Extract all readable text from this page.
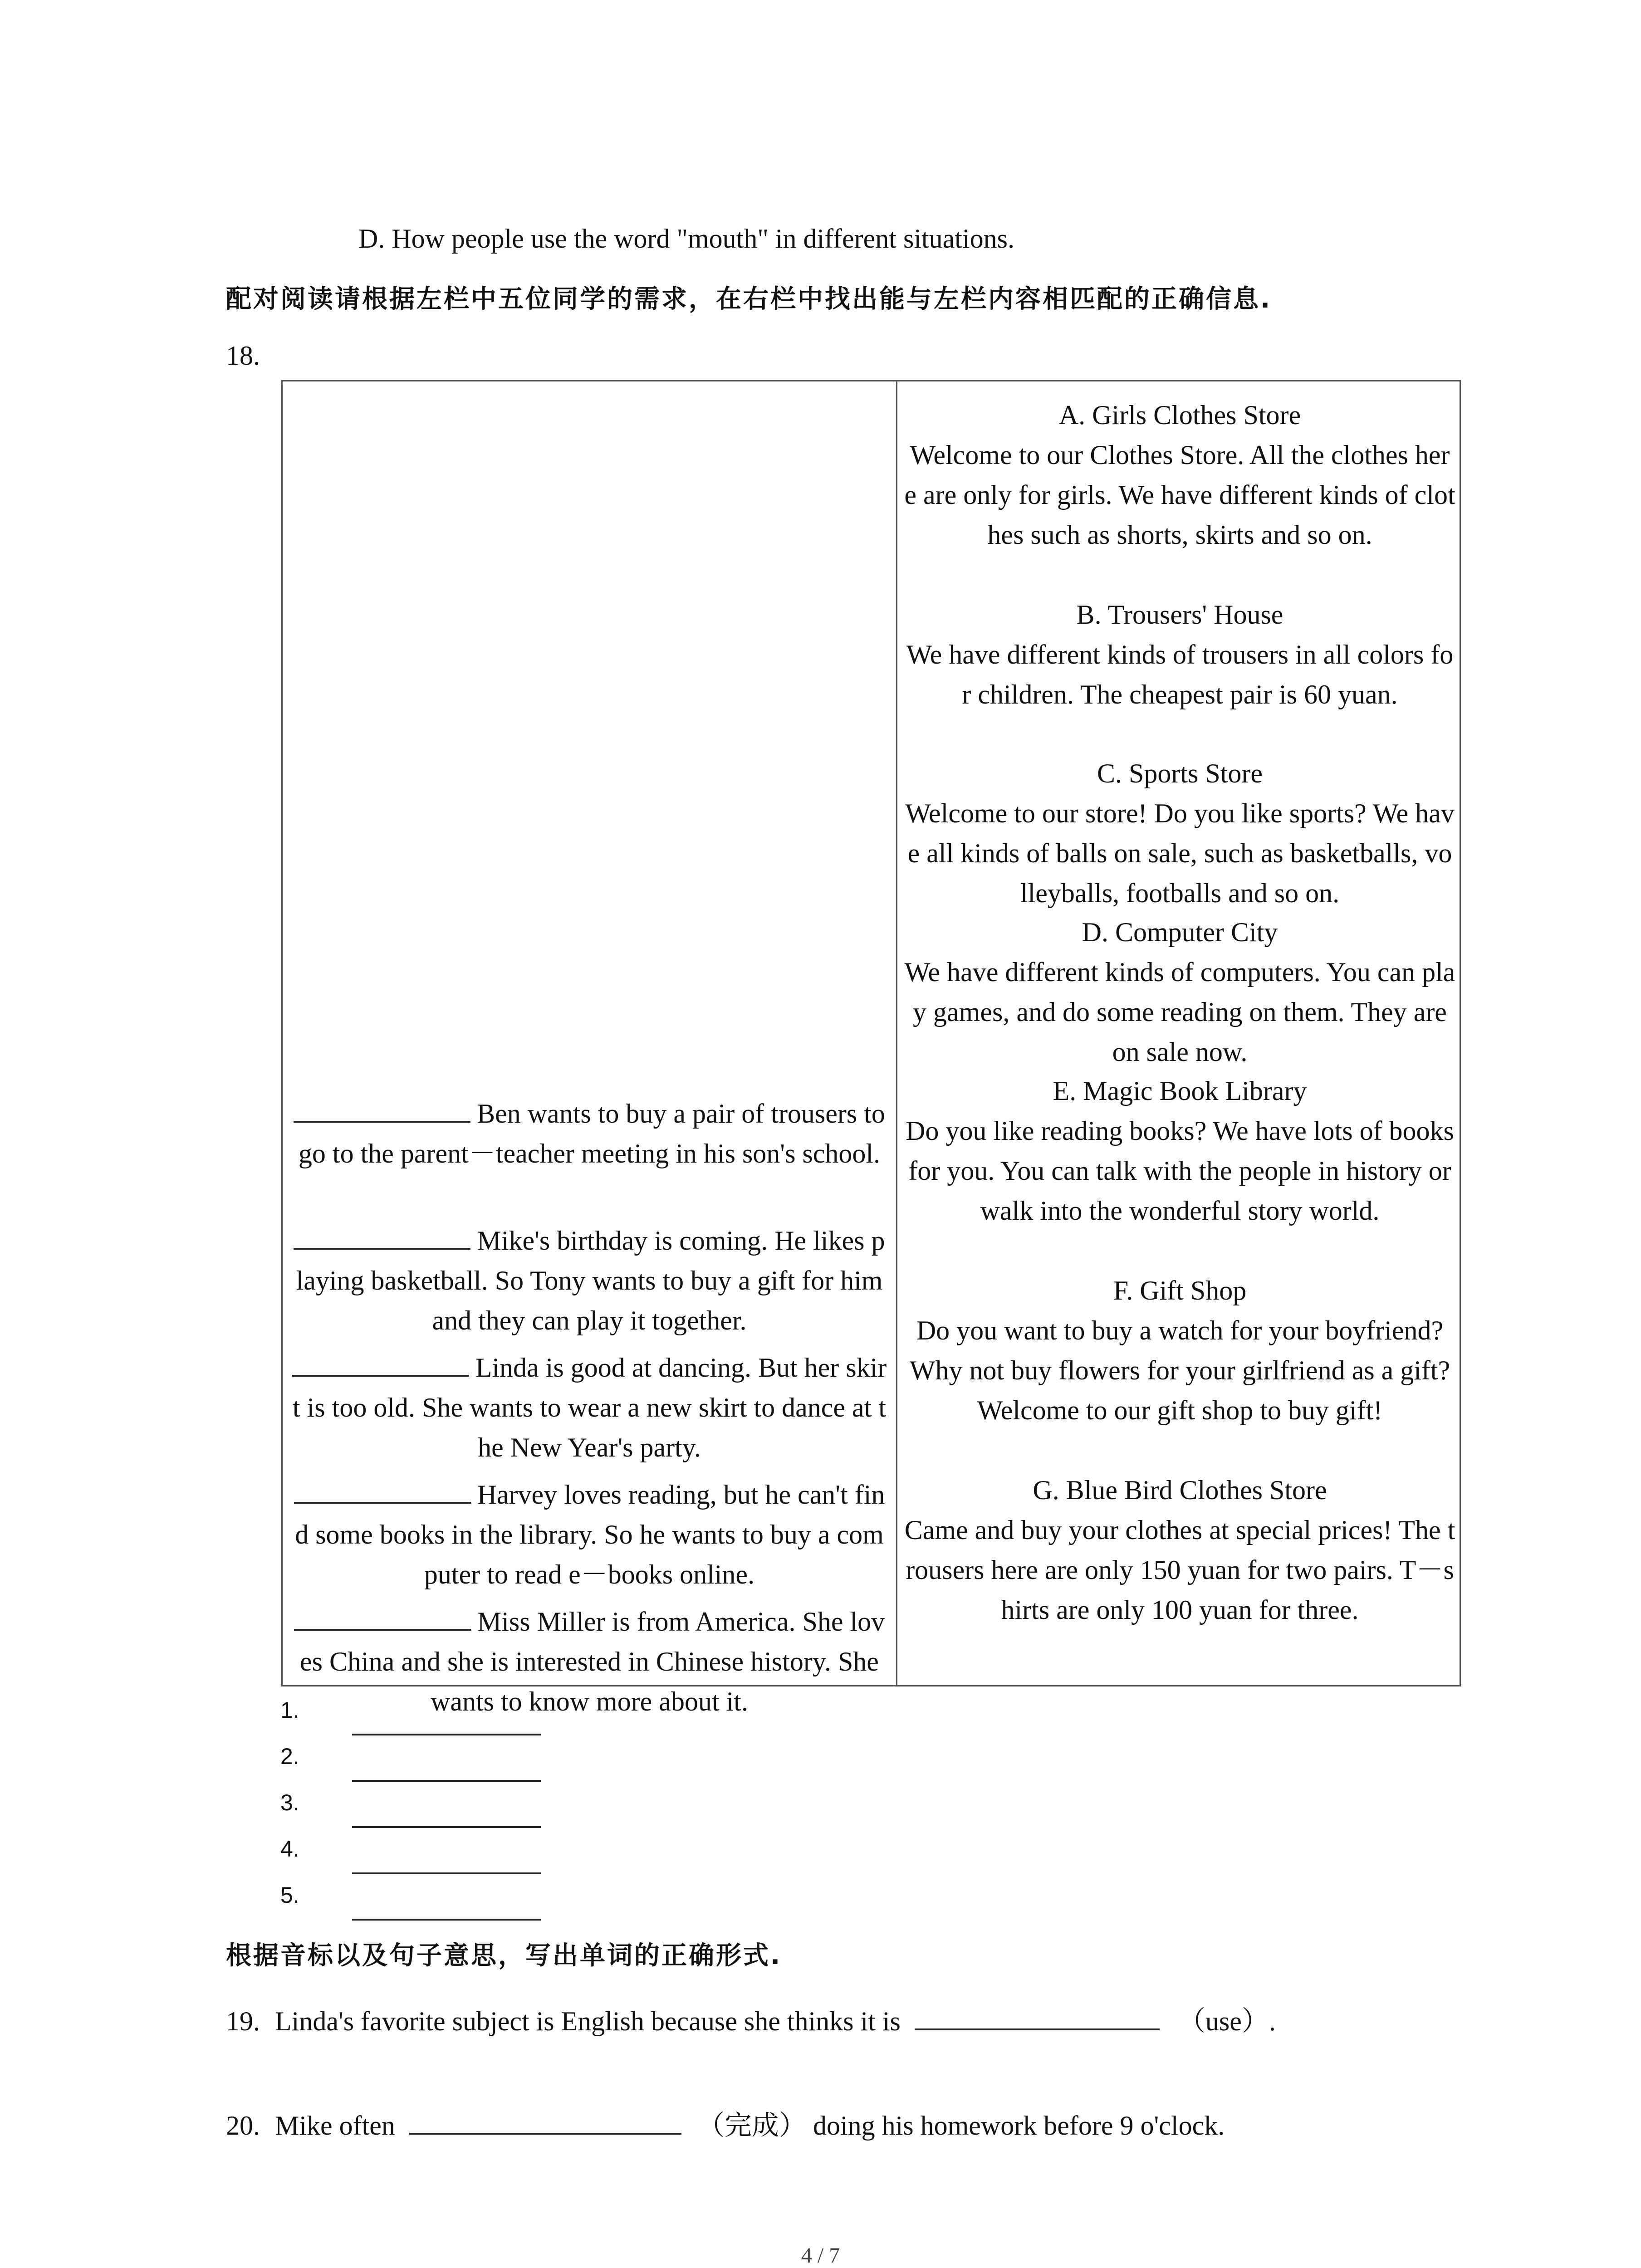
D. How people use the word "mouth" in different situations.
配对阅读请根据左栏中五位同学的需求，在右栏中找出能与左栏内容相匹配的正确信息.
18.
Ben wants to buy a pair of trousers to go to the parent－teacher meeting in his son's school.
Mike's birthday is coming. He likes playing basketball. So Tony wants to buy a gift for him and they can play it together.
Linda is good at dancing. But her skirt is too old. She wants to wear a new skirt to dance at the New Year's party.
Harvey loves reading, but he can't find some books in the library. So he wants to buy a computer to read e－books online.
Miss Miller is from America. She loves China and she is interested in Chinese history. She wants to know more about it.
A. Girls Clothes Store
Welcome to our Clothes Store. All the clothes here are only for girls. We have different kinds of clothes such as shorts, skirts and so on.
B. Trousers' House
We have different kinds of trousers in all colors for children. The cheapest pair is 60 yuan.
C. Sports Store
Welcome to our store! Do you like sports? We have all kinds of balls on sale, such as basketballs, volleyballs, footballs and so on.
D. Computer City
We have different kinds of computers. You can play games, and do some reading on them. They are on sale now.
E. Magic Book Library
Do you like reading books? We have lots of books for you. You can talk with the people in history or walk into the wonderful story world.
F. Gift Shop
Do you want to buy a watch for your boyfriend? Why not buy flowers for your girlfriend as a gift? Welcome to our gift shop to buy gift!
G. Blue Bird Clothes Store
Came and buy your clothes at special prices! The trousers here are only 150 yuan for two pairs. T－shirts are only 100 yuan for three.
1.
2.
3.
4.
5.
根据音标以及句子意思，写出单词的正确形式.
19. Linda's favorite subject is English because she thinks it is	（use）.
20. Mike often	（完成） doing his homework before 9 o'clock.
4 / 7
